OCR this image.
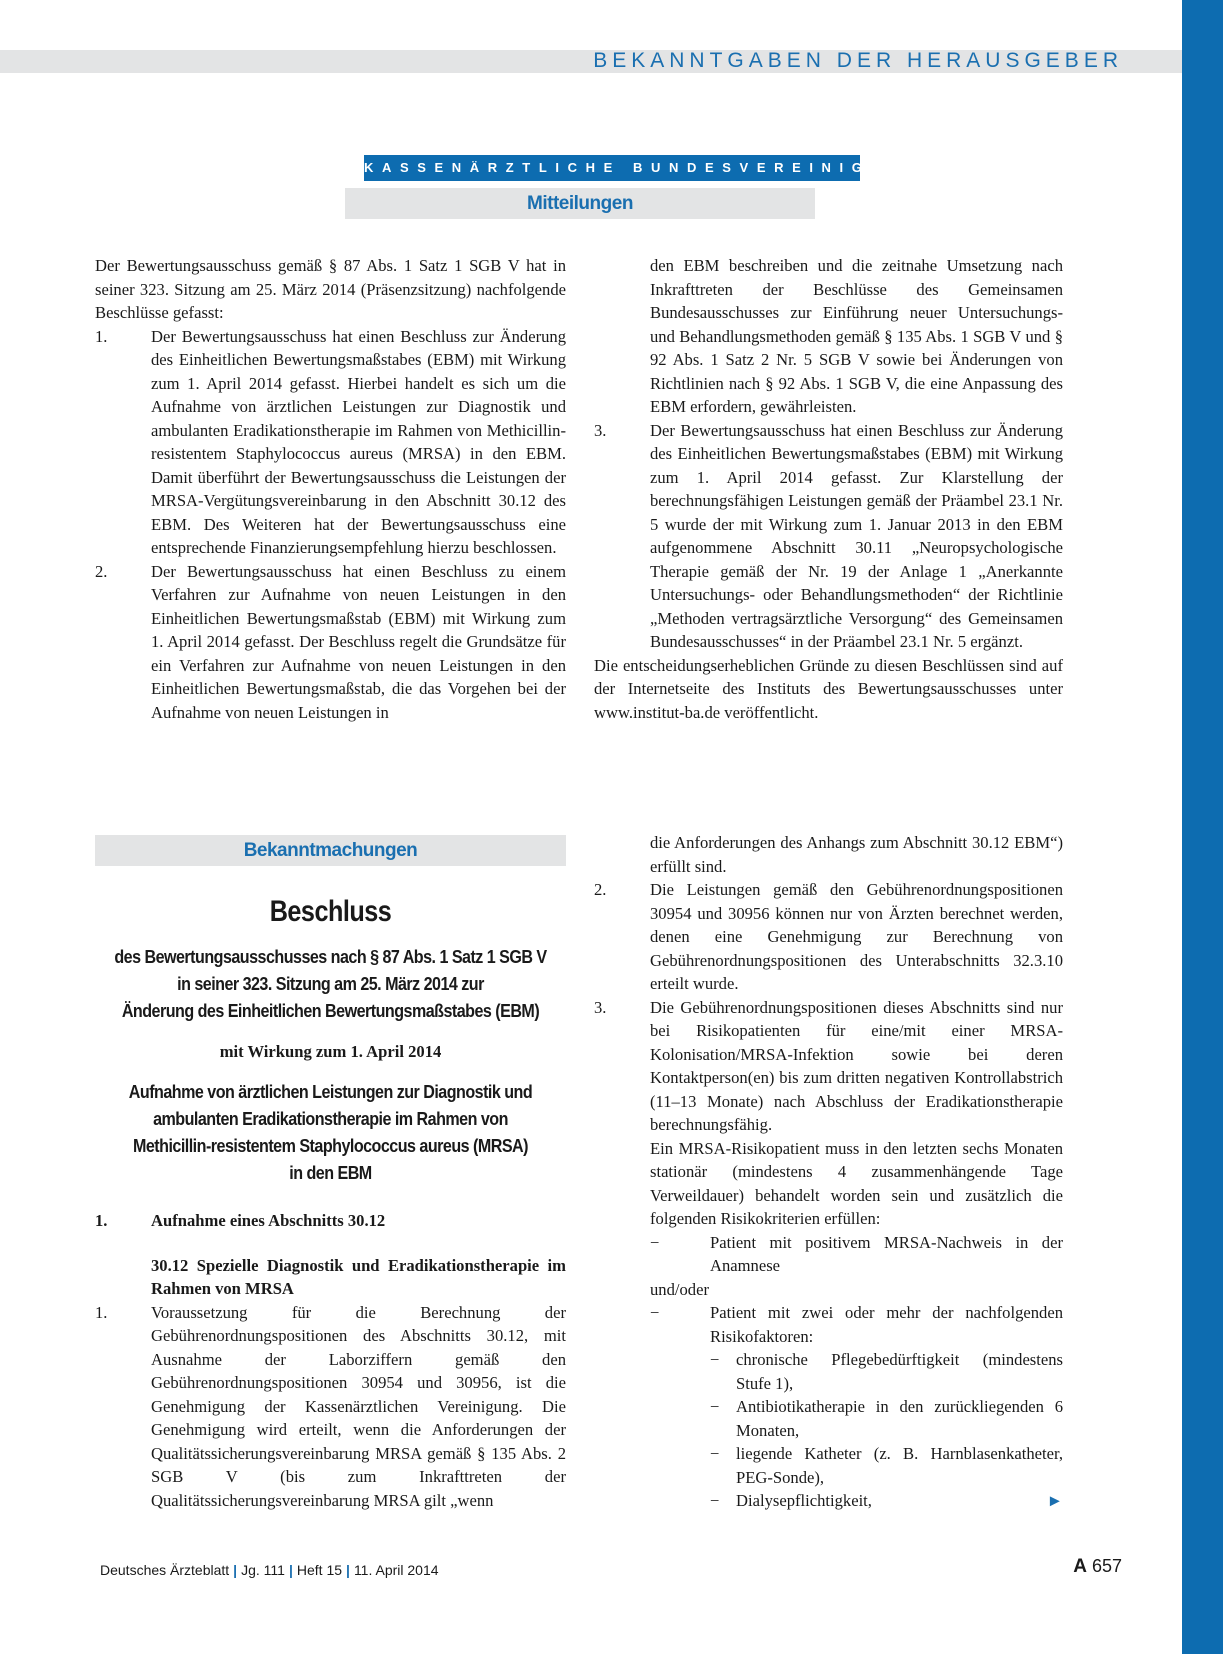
BEKANNTGABEN DER HERAUSGEBER
KASSENÄRZTLICHE BUNDESVEREINIGUNG
Mitteilungen

Der Bewertungsausschuss gemäß § 87 Abs. 1 Satz 1 SGB V hat in seiner 323. Sitzung am 25. März 2014 (Präsenzsitzung) nachfolgende Beschlüsse gefasst:

1.	Der Bewertungsausschuss hat einen Beschluss zur Änderung des Einheitlichen Bewertungsmaßstabes (EBM) mit Wirkung zum 1. April 2014 gefasst. Hierbei handelt es sich um die Aufnahme von ärztlichen Leistungen zur Diagnostik und ambulanten Eradikationstherapie im Rahmen von Methicillin-resistentem Staphylococcus aureus (MRSA) in den EBM. Damit überführt der Bewertungsausschuss die Leistungen der MRSA-Vergütungsvereinbarung in den Abschnitt 30.12 des EBM. Des Weiteren hat der Bewertungsausschuss eine entsprechende Finanzierungsempfehlung hierzu beschlossen.
2.	Der Bewertungsausschuss hat einen Beschluss zu einem Verfahren zur Aufnahme von neuen Leistungen in den Einheitlichen Bewertungsmaßstab (EBM) mit Wirkung zum 1. April 2014 gefasst. Der Beschluss regelt die Grundsätze für ein Verfahren zur Aufnahme von neuen Leistungen in den Einheitlichen Bewertungsmaßstab, die das Vorgehen bei der Aufnahme von neuen Leistungen in
den EBM beschreiben und die zeitnahe Umsetzung nach Inkrafttreten der Beschlüsse des Gemeinsamen Bundesausschusses zur Einführung neuer Untersuchungs- und Behandlungsmethoden gemäß § 135 Abs. 1 SGB V und § 92 Abs. 1 Satz 2 Nr. 5 SGB V sowie bei Änderungen von Richtlinien nach § 92 Abs. 1 SGB V, die eine Anpassung des EBM erfordern, gewährleisten.
3.	Der Bewertungsausschuss hat einen Beschluss zur Änderung des Einheitlichen Bewertungsmaßstabes (EBM) mit Wirkung zum 1. April 2014 gefasst. Zur Klarstellung der berechnungsfähigen Leistungen gemäß der Präambel 23.1 Nr. 5 wurde der mit Wirkung zum 1. Januar 2013 in den EBM aufgenommene Abschnitt 30.11 „Neuropsychologische Therapie gemäß der Nr. 19 der Anlage 1 „Anerkannte Untersuchungs- oder Behandlungsmethoden“ der Richtlinie „Methoden vertragsärztliche Versorgung“ des Gemeinsamen Bundesausschusses“ in der Präambel 23.1 Nr. 5 ergänzt.

Die entscheidungserheblichen Gründe zu diesen Beschlüssen sind auf der Internetseite des Instituts des Bewertungsausschusses unter www.institut-ba.de veröffentlicht.

Bekanntmachungen
Beschluss
des Bewertungsausschusses nach § 87 Abs. 1 Satz 1 SGB V
in seiner 323. Sitzung am 25. März 2014 zur
Änderung des Einheitlichen Bewertungsmaßstabes (EBM)
mit Wirkung zum 1. April 2014
Aufnahme von ärztlichen Leistungen zur Diagnostik und
ambulanten Eradikationstherapie im Rahmen von
Methicillin-resistentem Staphylococcus aureus (MRSA)
in den EBM
1.	Aufnahme eines Abschnitts 30.12
30.12 Spezielle Diagnostik und Eradikationstherapie im Rahmen von MRSA
1.	Voraussetzung für die Berechnung der Gebührenordnungspositionen des Abschnitts 30.12, mit Ausnahme der Laborziffern gemäß den Gebührenordnungspositionen 30954 und 30956, ist die Genehmigung der Kassenärztlichen Vereinigung. Die Genehmigung wird erteilt, wenn die Anforderungen der Qualitätssicherungsvereinbarung MRSA gemäß § 135 Abs. 2 SGB V (bis zum Inkrafttreten der Qualitätssicherungsvereinbarung MRSA gilt „wenn
die Anforderungen des Anhangs zum Abschnitt 30.12 EBM“) erfüllt sind.
2.	Die Leistungen gemäß den Gebührenordnungspositionen 30954 und 30956 können nur von Ärzten berechnet werden, denen eine Genehmigung zur Berechnung von Gebührenordnungspositionen des Unterabschnitts 32.3.10 erteilt wurde.
3.	Die Gebührenordnungspositionen dieses Abschnitts sind nur bei Risikopatienten für eine/mit einer MRSA-Kolonisation/MRSA-Infektion sowie bei deren Kontaktperson(en) bis zum dritten negativen Kontrollabstrich (11–13 Monate) nach Abschluss der Eradikationstherapie berechnungsfähig.
Ein MRSA-Risikopatient muss in den letzten sechs Monaten stationär (mindestens 4 zusammenhängende Tage Verweildauer) behandelt worden sein und zusätzlich die folgenden Risikokriterien erfüllen:
−	Patient mit positivem MRSA-Nachweis in der Anamnese
und/oder
−	Patient mit zwei oder mehr der nachfolgenden Risikofaktoren:
− chronische Pflegebedürftigkeit (mindestens Stufe 1),
− Antibiotikatherapie in den zurückliegenden 6 Monaten,
− liegende Katheter (z. B. Harnblasenkatheter, PEG-Sonde),
− Dialysepflichtigkeit,	►
Deutsches Ärzteblatt | Jg. 111 | Heft 15 | 11. April 2014	A 657
